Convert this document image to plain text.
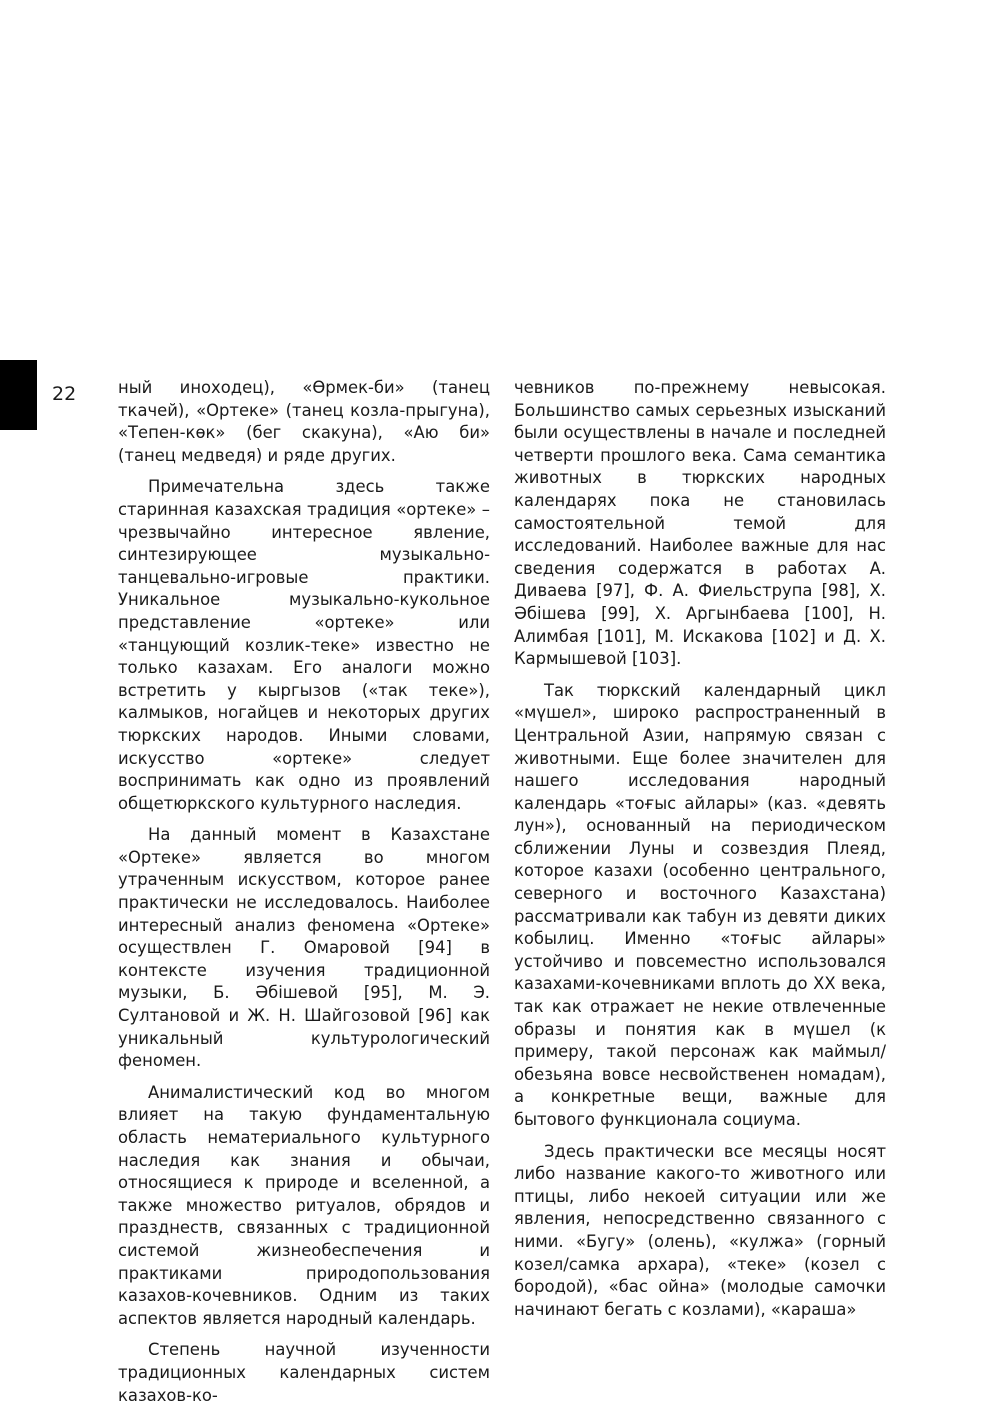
22	ный иноходец), «Өрмек-би» (танец ткачей), «Ортеке» (танец козла-прыгуна), «Тепен-көк» (бег скакуна), «Аю би» (танец медведя) и ряде других.

Примечательна здесь также старинная казахская традиция «ортеке» – чрезвычайно интересное явление, синтезирующее музыкально-танцевально-игровые практики. Уникальное музыкально-кукольное представление «ортеке» или «танцующий козлик-теке» известно не только казахам. Его аналоги можно встретить у кыргызов («так теке»), калмыков, ногайцев и некоторых других тюркских народов. Иными словами, искусство «ортеке» следует воспринимать как одно из проявлений общетюркского культурного наследия.

На данный момент в Казахстане «Ортеке» является во многом утраченным искусством, которое ранее практически не исследовалось. Наиболее интересный анализ феномена «Ортеке» осуществлен Г. Омаровой [94] в контексте изучения традиционной музыки, Б. Әбішевой [95], М. Э. Султановой и Ж. Н. Шайгозовой [96] как уникальный культурологический феномен.

Анималистический код во многом влияет на такую фундаментальную область нематериального культурного наследия как знания и обычаи, относящиеся к природе и вселенной, а также множество ритуалов, обрядов и празднеств, связанных с традиционной системой жизнеобеспечения и практиками природопользования казахов-кочевников. Одним из таких аспектов является народный календарь.

Степень научной изученности традиционных календарных систем казахов-ко-

чевников по-прежнему невысокая. Большинство самых серьезных изысканий были осуществлены в начале и последней четверти прошлого века. Сама семантика животных в тюркских народных календарях пока не становилась самостоятельной темой для исследований. Наиболее важные для нас сведения содержатся в работах А. Диваева [97], Ф. А. Фиельструпа [98], Х. Әбішева [99], Х. Аргынбаева [100], Н. Алимбая [101], М. Искакова [102] и Д. Х. Кармышевой [103].

Так тюркский календарный цикл «мүшел», широко распространенный в Центральной Азии, напрямую связан с животными. Еще более значителен для нашего исследования народный календарь «тоғыс айлары» (каз. «девять лун»), основанный на периодическом сближении Луны и созвездия Плеяд, которое казахи (особенно центрального, северного и восточного Казахстана) рассматривали как табун из девяти диких кобылиц. Именно «тоғыс айлары» устойчиво и повсеместно использовался казахами-кочевниками вплоть до XX века, так как отражает не некие отвлеченные образы и понятия как в мүшел (к примеру, такой персонаж как маймыл/обезьяна вовсе несвойственен номадам), а конкретные вещи, важные для бытового функционала социума.

Здесь практически все месяцы носят либо название какого-то животного или птицы, либо некоей ситуации или же явления, непосредственно связанного с ними. «Бугу» (олень), «кулжа» (горный козел/самка архара), «теке» (козел с бородой), «бас ойна» (молодые самочки начинают бегать с козлами), «караша»
